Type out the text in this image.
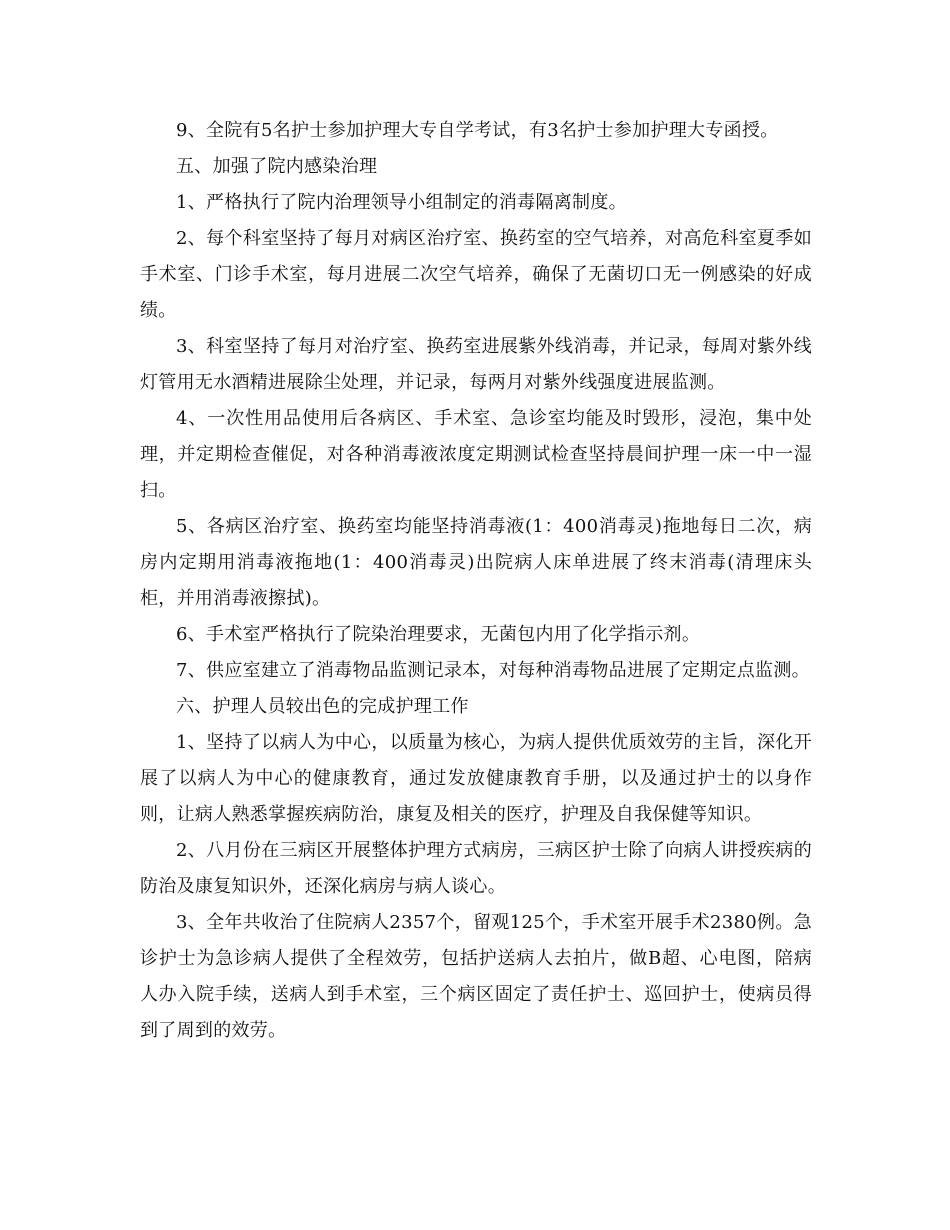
9、全院有5名护士参加护理大专自学考试，有3名护士参加护理大专函授。

五、加强了院内感染治理

1、严格执行了院内治理领导小组制定的消毒隔离制度。

2、每个科室坚持了每月对病区治疗室、换药室的空气培养，对高危科室夏季如手术室、门诊手术室，每月进展二次空气培养，确保了无菌切口无一例感染的好成绩。

3、科室坚持了每月对治疗室、换药室进展紫外线消毒，并记录，每周对紫外线灯管用无水酒精进展除尘处理，并记录，每两月对紫外线强度进展监测。

4、一次性用品使用后各病区、手术室、急诊室均能及时毁形，浸泡，集中处理，并定期检查催促，对各种消毒液浓度定期测试检查坚持晨间护理一床一中一湿扫。

5、各病区治疗室、换药室均能坚持消毒液(1：400消毒灵)拖地每日二次，病房内定期用消毒液拖地(1：400消毒灵)出院病人床单进展了终末消毒(清理床头柜，并用消毒液擦拭)。

6、手术室严格执行了院染治理要求，无菌包内用了化学指示剂。

7、供应室建立了消毒物品监测记录本，对每种消毒物品进展了定期定点监测。

六、护理人员较出色的完成护理工作

1、坚持了以病人为中心，以质量为核心，为病人提供优质效劳的主旨，深化开展了以病人为中心的健康教育，通过发放健康教育手册，以及通过护士的以身作则，让病人熟悉掌握疾病防治，康复及相关的医疗，护理及自我保健等知识。

2、八月份在三病区开展整体护理方式病房，三病区护士除了向病人讲授疾病的防治及康复知识外，还深化病房与病人谈心。

3、全年共收治了住院病人2357个，留观125个，手术室开展手术2380例。急诊护士为急诊病人提供了全程效劳，包括护送病人去拍片，做B超、心电图，陪病人办入院手续，送病人到手术室，三个病区固定了责任护士、巡回护士，使病员得到了周到的效劳。
